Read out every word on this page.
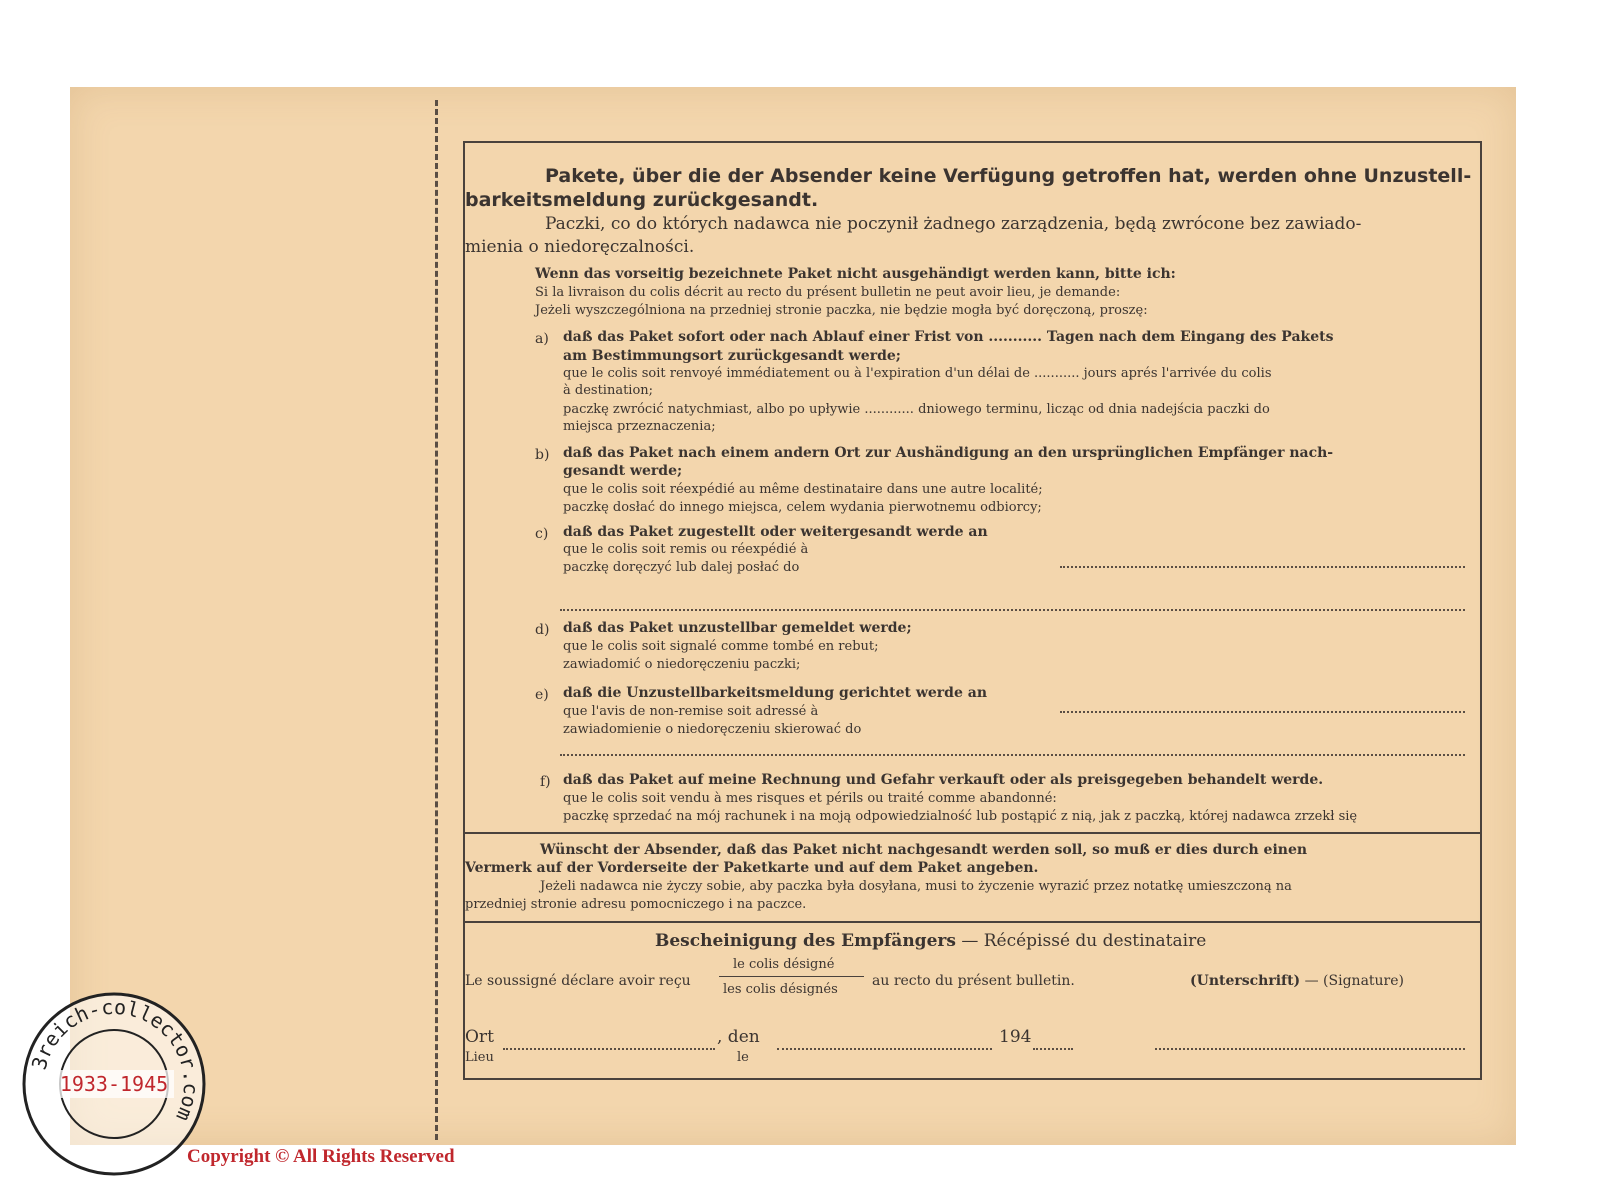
Pakete, über die der Absender keine Verfügung getroffen hat, werden ohne Unzustell-
barkeitsmeldung zurückgesandt.
Paczki, co do których nadawca nie poczynił żadnego zarządzenia, będą zwrócone bez zawiado-
mienia o niedoręczalności.
Wenn das vorseitig bezeichnete Paket nicht ausgehändigt werden kann, bitte ich:
Si la livraison du colis décrit au recto du présent bulletin ne peut avoir lieu, je demande:
Jeżeli wyszczególniona na przedniej stronie paczka, nie będzie mogła być doręczoną, proszę:
a) daß das Paket sofort oder nach Ablauf einer Frist von ........... Tagen nach dem Eingang des Pakets
am Bestimmungsort zurückgesandt werde;
que le colis soit renvoyé immédiatement ou à l'expiration d'un délai de ........... jours aprés l'arrivée du colis
à destination;
paczkę zwrócić natychmiast, albo po upływie ............ dniowego terminu, licząc od dnia nadejścia paczki do
miejsca przeznaczenia;
b) daß das Paket nach einem andern Ort zur Aushändigung an den ursprünglichen Empfänger nach-
gesandt werde;
que le colis soit réexpédié au même destinataire dans une autre localité;
paczkę dosłać do innego miejsca, celem wydania pierwotnemu odbiorcy;
c) daß das Paket zugestellt oder weitergesandt werde an
que le colis soit remis ou réexpédié à
paczkę doręczyć lub dalej posłać do
d) daß das Paket unzustellbar gemeldet werde;
que le colis soit signalé comme tombé en rebut;
zawiadomić o niedoręczeniu paczki;
e) daß die Unzustellbarkeitsmeldung gerichtet werde an
que l'avis de non-remise soit adressé à
zawiadomienie o niedoręczeniu skierować do
f) daß das Paket auf meine Rechnung und Gefahr verkauft oder als preisgegeben behandelt werde.
que le colis soit vendu à mes risques et périls ou traité comme abandonné:
paczkę sprzedać na mój rachunek i na moją odpowiedzialność lub postąpić z nią, jak z paczką, której nadawca zrzekł się
Wünscht der Absender, daß das Paket nicht nachgesandt werden soll, so muß er dies durch einen
Vermerk auf der Vorderseite der Paketkarte und auf dem Paket angeben.
Jeżeli nadawca nie życzy sobie, aby paczka była dosyłana, musi to życzenie wyrazić przez notatkę umieszczoną na
przedniej stronie adresu pomocniczego i na paczce.
Bescheinigung des Empfängers — Récépissé du destinataire
Le soussigné déclare avoir reçu
le colis désigné
les colis désignés
au recto du présent bulletin.	(Unterschrift) — (Signature)
Ort
Lieu
, den
le
194
3reich-collector.com
1933-1945
Copyright © All Rights Reserved
